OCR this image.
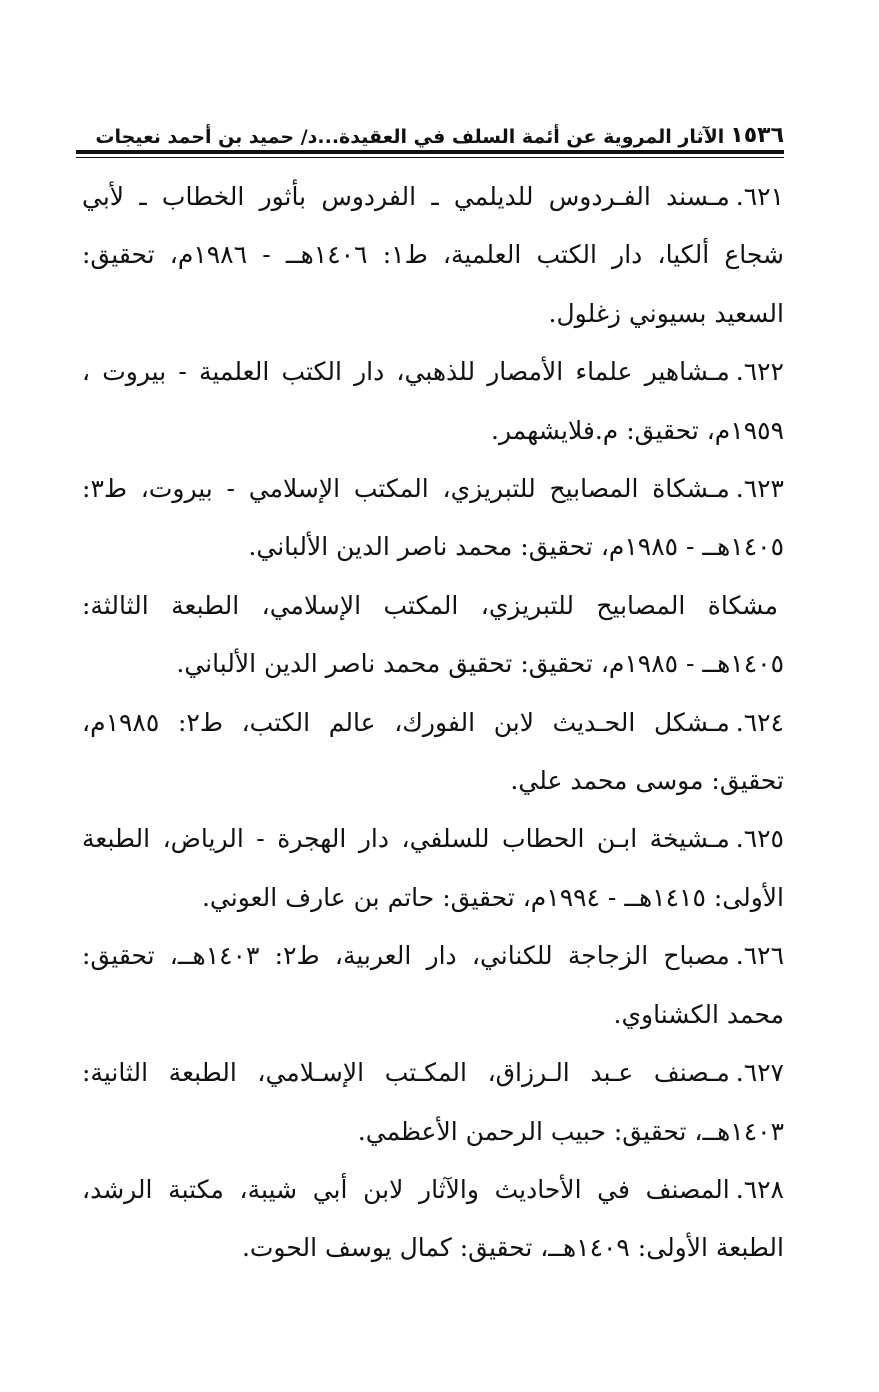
١٥٣٦
الآثار المروية عن أئمة السلف في العقيدة...د/ حميد بن أحمد نعيجات

٦٢١.مـسند الفـردوس للديلمي ـ الفردوس بأثور الخطاب ـ لأبي شجاع ألكيا، دار الكتب العلمية، ط١: ١٤٠٦هــ - ١٩٨٦م، تحقيق: السعيد بسيوني زغلول.

٦٢٢.مـشاهير علماء الأمصار للذهبي، دار الكتب العلمية - بيروت ، ١٩٥٩م، تحقيق: م.فلايشهمر.

٦٢٣.مـشكاة المصابيح للتبريزي، المكتب الإسلامي - بيروت، ط٣: ١٤٠٥هــ - ١٩٨٥م، تحقيق: محمد ناصر الدين الألباني.

مشكاة المصابيح للتبريزي، المكتب الإسلامي، الطبعة الثالثة: ١٤٠٥هــ - ١٩٨٥م، تحقيق: تحقيق محمد ناصر الدين الألباني.

٦٢٤.مـشكل الحـديث لابن الفورك، عالم الكتب، ط٢: ١٩٨٥م، تحقيق: موسى محمد علي.

٦٢٥.مـشيخة ابـن الحطاب للسلفي، دار الهجرة - الرياض، الطبعة الأولى: ١٤١٥هــ - ١٩٩٤م، تحقيق: حاتم بن عارف العوني.

٦٢٦.مصباح الزجاجة للكناني، دار العربية، ط٢: ١٤٠٣هــ، تحقيق: محمد الكشناوي.

٦٢٧.مـصنف عـبد الـرزاق، المكـتب الإسـلامي، الطبعة الثانية: ١٤٠٣هــ، تحقيق: حبيب الرحمن الأعظمي.

٦٢٨.المصنف في الأحاديث والآثار لابن أبي شيبة، مكتبة الرشد، الطبعة الأولى: ١٤٠٩هــ، تحقيق: كمال يوسف الحوت.
